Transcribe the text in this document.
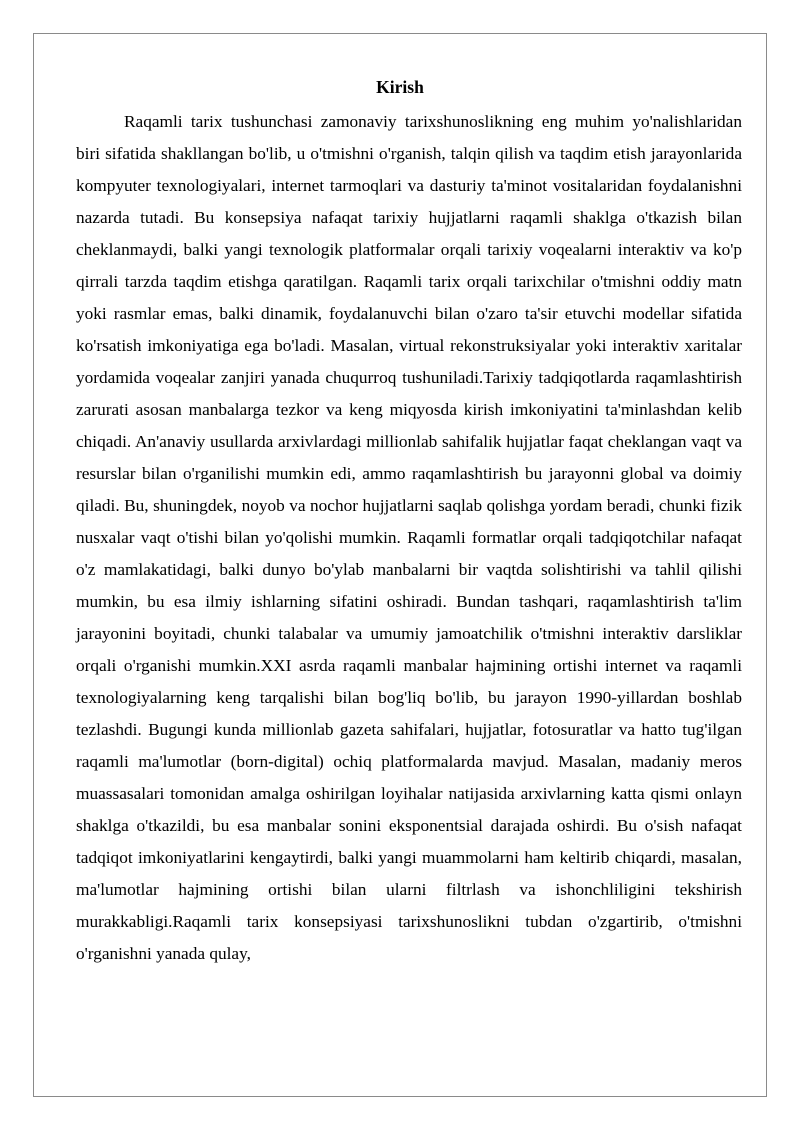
Kirish

Raqamli tarix tushunchasi zamonaviy tarixshunoslikning eng muhim yo'nalishlaridan biri sifatida shakllangan bo'lib, u o'tmishni o'rganish, talqin qilish va taqdim etish jarayonlarida kompyuter texnologiyalari, internet tarmoqlari va dasturiy ta'minot vositalaridan foydalanishni nazarda tutadi. Bu konsepsiya nafaqat tarixiy hujjatlarni raqamli shaklga o'tkazish bilan cheklanmaydi, balki yangi texnologik platformalar orqali tarixiy voqealarni interaktiv va ko'p qirrali tarzda taqdim etishga qaratilgan. Raqamli tarix orqali tarixchilar o'tmishni oddiy matn yoki rasmlar emas, balki dinamik, foydalanuvchi bilan o'zaro ta'sir etuvchi modellar sifatida ko'rsatish imkoniyatiga ega bo'ladi. Masalan, virtual rekonstruksiyalar yoki interaktiv xaritalar yordamida voqealar zanjiri yanada chuqurroq tushuniladi.Tarixiy tadqiqotlarda raqamlashtirish zarurati asosan manbalarga tezkor va keng miqyosda kirish imkoniyatini ta'minlashdan kelib chiqadi. An'anaviy usullarda arxivlardagi millionlab sahifalik hujjatlar faqat cheklangan vaqt va resurslar bilan o'rganilishi mumkin edi, ammo raqamlashtirish bu jarayonni global va doimiy qiladi. Bu, shuningdek, noyob va nochor hujjatlarni saqlab qolishga yordam beradi, chunki fizik nusxalar vaqt o'tishi bilan yo'qolishi mumkin. Raqamli formatlar orqali tadqiqotchilar nafaqat o'z mamlakatidagi, balki dunyo bo'ylab manbalarni bir vaqtda solishtirishi va tahlil qilishi mumkin, bu esa ilmiy ishlarning sifatini oshiradi. Bundan tashqari, raqamlashtirish ta'lim jarayonini boyitadi, chunki talabalar va umumiy jamoatchilik o'tmishni interaktiv darsliklar orqali o'rganishi mumkin.XXI asrda raqamli manbalar hajmining ortishi internet va raqamli texnologiyalarning keng tarqalishi bilan bog'liq bo'lib, bu jarayon 1990-yillardan boshlab tezlashdi. Bugungi kunda millionlab gazeta sahifalari, hujjatlar, fotosuratlar va hatto tug'ilgan raqamli ma'lumotlar (born-digital) ochiq platformalarda mavjud. Masalan, madaniy meros muassasalari tomonidan amalga oshirilgan loyihalar natijasida arxivlarning katta qismi onlayn shaklga o'tkazildi, bu esa manbalar sonini eksponentsial darajada oshirdi. Bu o'sish nafaqat tadqiqot imkoniyatlarini kengaytirdi, balki yangi muammolarni ham keltirib chiqardi, masalan, ma'lumotlar hajmining ortishi bilan ularni filtrlash va ishonchliligini tekshirish murakkabligi.Raqamli tarix konsepsiyasi tarixshunoslikni tubdan o'zgartirib, o'tmishni o'rganishni yanada qulay,
